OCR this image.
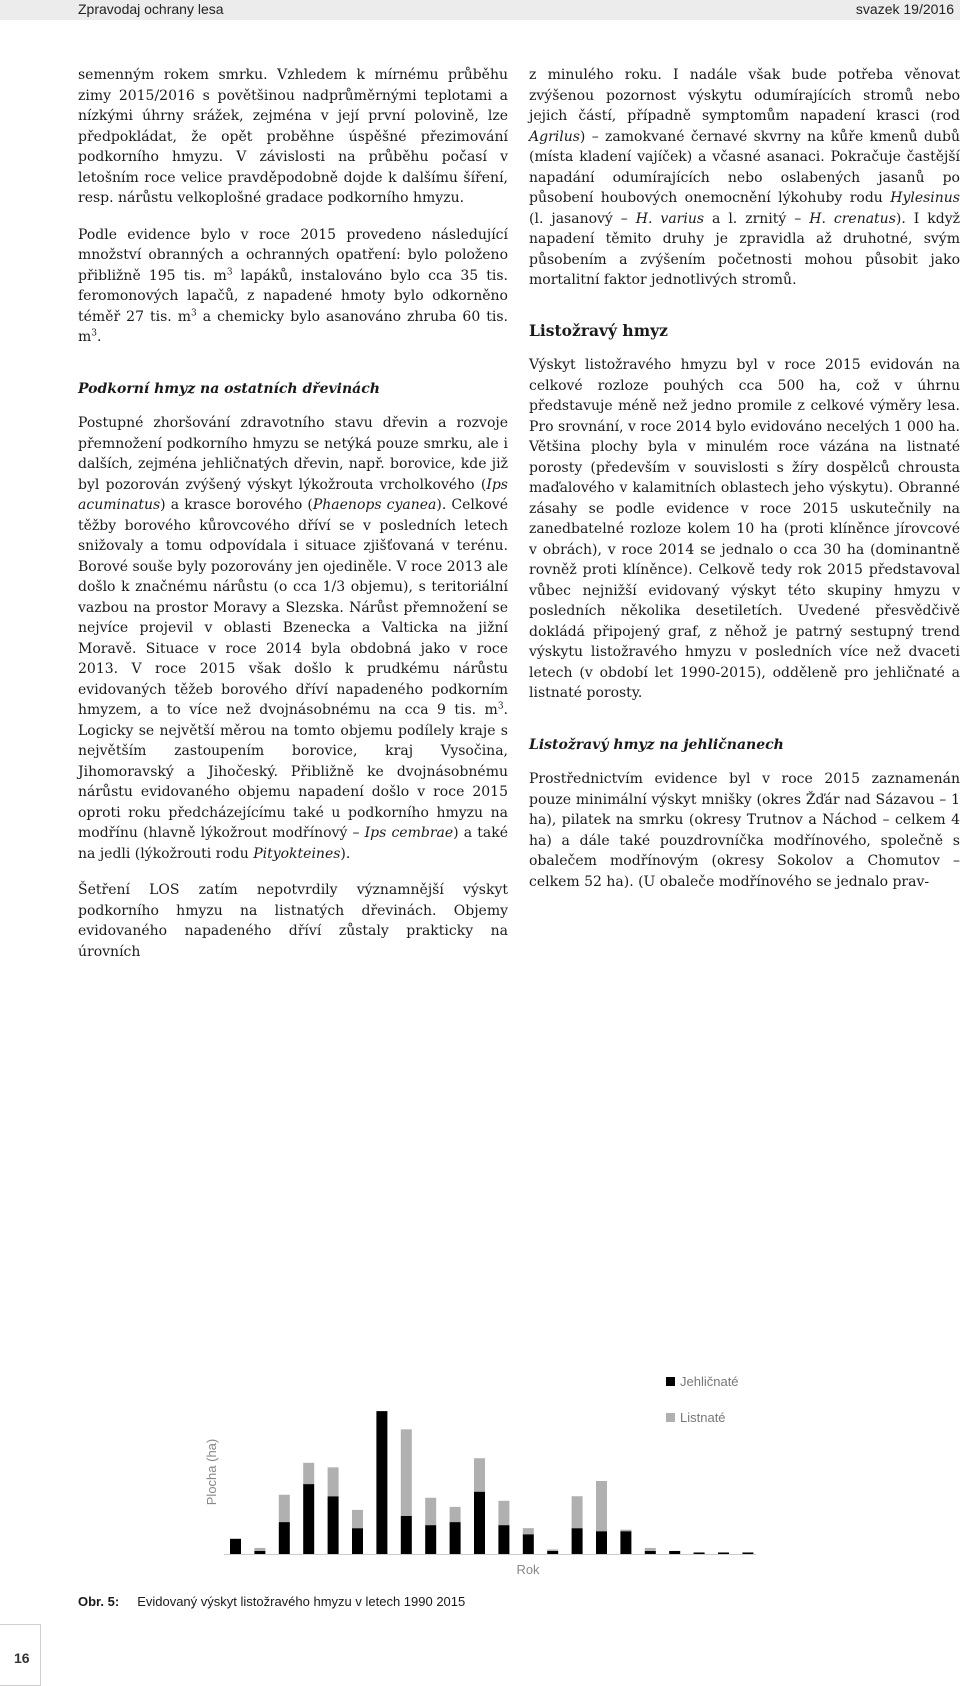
Zpravodaj ochrany lesa	svazek 19/2016

semenným rokem smrku. Vzhledem k mírnému průběhu zimy 2015/2016 s povětšinou nadprůměrnými teplotami a nízkými úhrny srážek, zejména v její první polovině, lze předpokládat, že opět proběhne úspěšné přezimování podkorního hmyzu. V závislosti na průběhu počasí v letošním roce velice pravděpodobně dojde k dalšímu šíření, resp. nárůstu velkoplošné gradace podkorního hmyzu.

Podle evidence bylo v roce 2015 provedeno následující množství obranných a ochranných opatření: bylo položeno přibližně 195 tis. $m^3$ lapáků, instalováno bylo cca 35 tis. feromonových lapačů, z napadené hmoty bylo odkorněno téměř 27 tis. $m^3$ a chemicky bylo asanováno zhruba 60 tis. $m^3$.

Podkorní hmyz na ostatních dřevinách

Postupné zhoršování zdravotního stavu dřevin a rozvoje přemnožení podkorního hmyzu se netýká pouze smrku, ale i dalších, zejména jehličnatých dřevin, např. borovice, kde již byl pozorován zvýšený výskyt lýkožrouta vrcholkového (Ips acuminatus) a krasce borového (Phaenops cyanea). Celkové těžby borového kůrovcového dříví se v posledních letech snižovaly a tomu odpovídala i situace zjišťovaná v terénu. Borové souše byly pozorovány jen ojediněle. V roce 2013 ale došlo k značnému nárůstu (o cca 1/3 objemu), s teritoriální vazbou na prostor Moravy a Slezska. Nárůst přemnožení se nejvíce projevil v oblasti Bzenecka a Valticka na jižní Moravě. Situace v roce 2014 byla obdobná jako v roce 2013. V roce 2015 však došlo k prudkému nárůstu evidovaných těžeb borového dříví napadeného podkorním hmyzem, a to více než dvojnásobnému na cca 9 tis. $m^3$. Logicky se největší měrou na tomto objemu podílely kraje s největším zastoupením borovice, kraj Vysočina, Jihomoravský a Jihočeský. Přibližně ke dvojnásobnému nárůstu evidovaného objemu napadení došlo v roce 2015 oproti roku předcházejícímu také u podkorního hmyzu na modřínu (hlavně lýkožrout modřínový – Ips cembrae) a také na jedli (lýkožrouti rodu Pityokteines).

Šetření LOS zatím nepotvrdily významnější výskyt podkorního hmyzu na listnatých dřevinách. Objemy evidovaného napadeného dříví zůstaly prakticky na úrovních

z minulého roku. I nadále však bude potřeba věnovat zvýšenou pozornost výskytu odumírajících stromů nebo jejich částí, případně symptomům napadení krasci (rod Agrilus) – zamokvané černavé skvrny na kůře kmenů dubů (místa kladení vajíček) a včasné asanaci. Pokračuje častější napadání odumírajících nebo oslabených jasanů po působení houbových onemocnění lýkohuby rodu Hylesinus (l. jasanový – H. varius a l. zrnitý – H. crenatus). I když napadení těmito druhy je zpravidla až druhotné, svým působením a zvýšením početnosti mohou působit jako mortalitní faktor jednotlivých stromů.

Listožravý hmyz

Výskyt listožravého hmyzu byl v roce 2015 evidován na celkové rozloze pouhých cca 500 ha, což v úhrnu představuje méně než jedno promile z celkové výměry lesa. Pro srovnání, v roce 2014 bylo evidováno necelých 1 000 ha. Většina plochy byla v minulém roce vázána na listnaté porosty (především v souvislosti s žíry dospělců chrousta maďalového v kalamitních oblastech jeho výskytu). Obranné zásahy se podle evidence v roce 2015 uskutečnily na zanedbatelné rozloze kolem 10 ha (proti klíněnce jírovcové v obrách), v roce 2014 se jednalo o cca 30 ha (dominantně rovněž proti klíněnce). Celkově tedy rok 2015 představoval vůbec nejnižší evidovaný výskyt této skupiny hmyzu v posledních několika desetiletích. Uvedené přesvědčivě dokládá připojený graf, z něhož je patrný sestupný trend výskytu listožravého hmyzu v posledních více než dvaceti letech (v období let 1990-2015), odděleně pro jehličnaté a listnaté porosty.

Listožravý hmyz na jehličnanech

Prostřednictvím evidence byl v roce 2015 zaznamenán pouze minimální výskyt mnišky (okres Žďár nad Sázavou – 1 ha), pilatek na smrku (okresy Trutnov a Náchod – celkem 4 ha) a dále také pouzdrovníčka modřínového, společně s obalečem modřínovým (okresy Sokolov a Chomutov – celkem 52 ha). (U obaleče modřínového se jednalo prav-

Plocha (ha)
Rok
Jehličnaté
Listnaté
Obr. 5: Evidovaný výskyt listožravého hmyzu v letech 1990 2015
16
